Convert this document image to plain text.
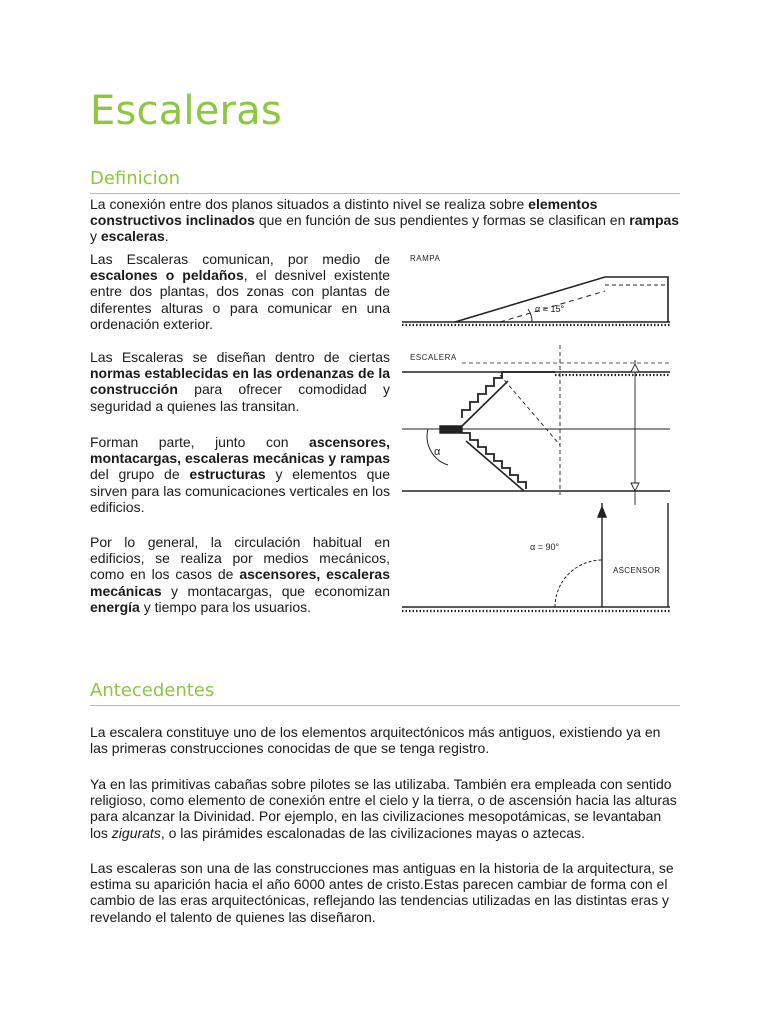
Escaleras
Definicion

La conexión entre dos planos situados a distinto nivel se realiza sobre elementos constructivos inclinados que en función de sus pendientes y formas se clasifican en rampas y escaleras.

Las Escaleras comunican, por medio de escalones o peldaños, el desnivel existente entre dos plantas, dos zonas con plantas de diferentes alturas o para comunicar en una ordenación exterior.

Las Escaleras se diseñan dentro de ciertas normas establecidas en las ordenanzas de la construcción para ofrecer comodidad y seguridad a quienes las transitan.

Forman parte, junto con ascensores, montacargas, escaleras mecánicas y rampas del grupo de estructuras y elementos que sirven para las comunicaciones verticales en los edificios.

Por lo general, la circulación habitual en edificios, se realiza por medios mecánicos, como en los casos de ascensores, escaleras mecánicas y montacargas, que economizan energía y tiempo para los usuarios.

RAMPA
α = 15°
ESCALERA
α
α = 90°
ASCENSOR
Antecedentes

La escalera constituye uno de los elementos arquitectónicos más antiguos, existiendo ya en las primeras construcciones conocidas de que se tenga registro.

Ya en las primitivas cabañas sobre pilotes se las utilizaba. También era empleada con sentido religioso, como elemento de conexión entre el cielo y la tierra, o de ascensión hacia las alturas para alcanzar la Divinidad. Por ejemplo, en las civilizaciones mesopotámicas, se levantaban los zigurats, o las pirámides escalonadas de las civilizaciones mayas o aztecas.

Las escaleras son una de las construcciones mas antiguas en la historia de la arquitectura, se estima su aparición hacia el año 6000 antes de cristo.Estas parecen cambiar de forma con el cambio de las eras arquitectónicas, reflejando las tendencias utilizadas en las distintas eras y revelando el talento de quienes las diseñaron.
